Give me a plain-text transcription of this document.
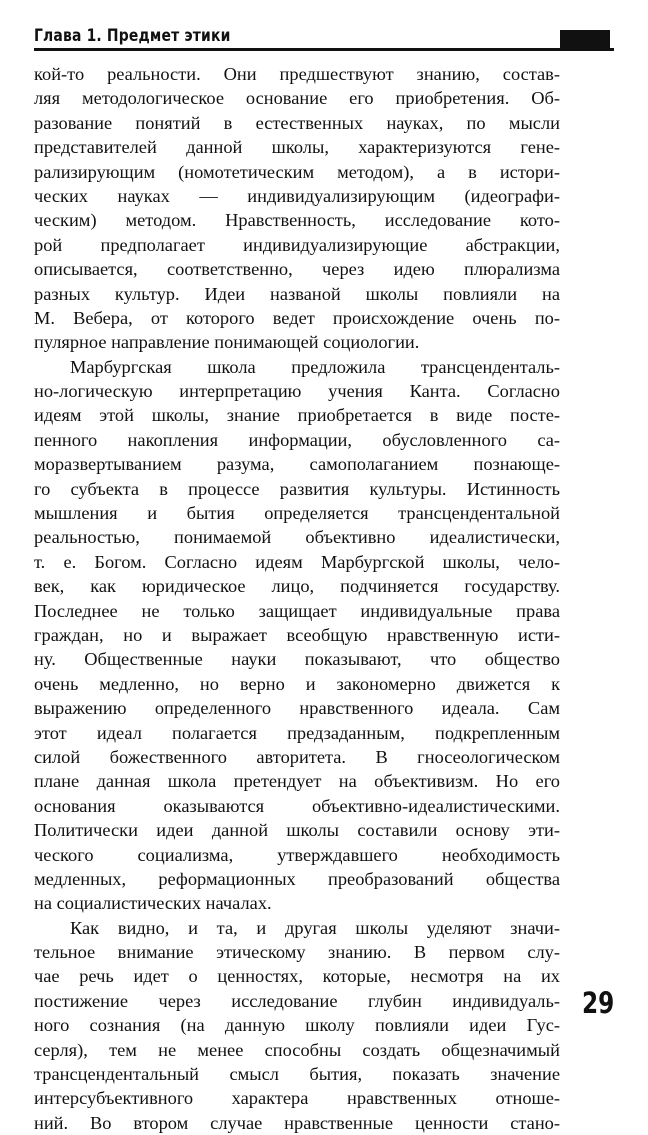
Глава 1. Предмет этики
кой-то реальности. Они предшествуют знанию, состав-
ляя методологическое основание его приобретения. Об-
разование понятий в естественных науках, по мысли
представителей данной школы, характеризуются гене-
рализирующим (номотетическим методом), а в истори-
ческих науках — индивидуализирующим (идеографи-
ческим) методом. Нравственность, исследование кото-
рой предполагает индивидуализирующие абстракции,
описывается, соответственно, через идею плюрализма
разных культур. Идеи названой школы повлияли на
М. Вебера, от которого ведет происхождение очень по-
пулярное направление понимающей социологии.
Марбургская школа предложила трансценденталь-
но-логическую интерпретацию учения Канта. Согласно
идеям этой школы, знание приобретается в виде посте-
пенного накопления информации, обусловленного са-
моразвертыванием разума, самополаганием познающе-
го субъекта в процессе развития культуры. Истинность
мышления и бытия определяется трансцендентальной
реальностью, понимаемой объективно идеалистически,
т. е. Богом. Согласно идеям Марбургской школы, чело-
век, как юридическое лицо, подчиняется государству.
Последнее не только защищает индивидуальные права
граждан, но и выражает всеобщую нравственную исти-
ну. Общественные науки показывают, что общество
очень медленно, но верно и закономерно движется к
выражению определенного нравственного идеала. Сам
этот идеал полагается предзаданным, подкрепленным
силой божественного авторитета. В гносеологическом
плане данная школа претендует на объективизм. Но его
основания оказываются объективно-идеалистическими.
Политически идеи данной школы составили основу эти-
ческого социализма, утверждавшего необходимость
медленных, реформационных преобразований общества
на социалистических началах.
Как видно, и та, и другая школы уделяют значи-
тельное внимание этическому знанию. В первом слу-
чае речь идет о ценностях, которые, несмотря на их
постижение через исследование глубин индивидуаль-
ного сознания (на данную школу повлияли идеи Гус-
серля), тем не менее способны создать общезначимый
трансцендентальный смысл бытия, показать значение
интерсубъективного характера нравственных отноше-
ний. Во втором случае нравственные ценности стано-
29
